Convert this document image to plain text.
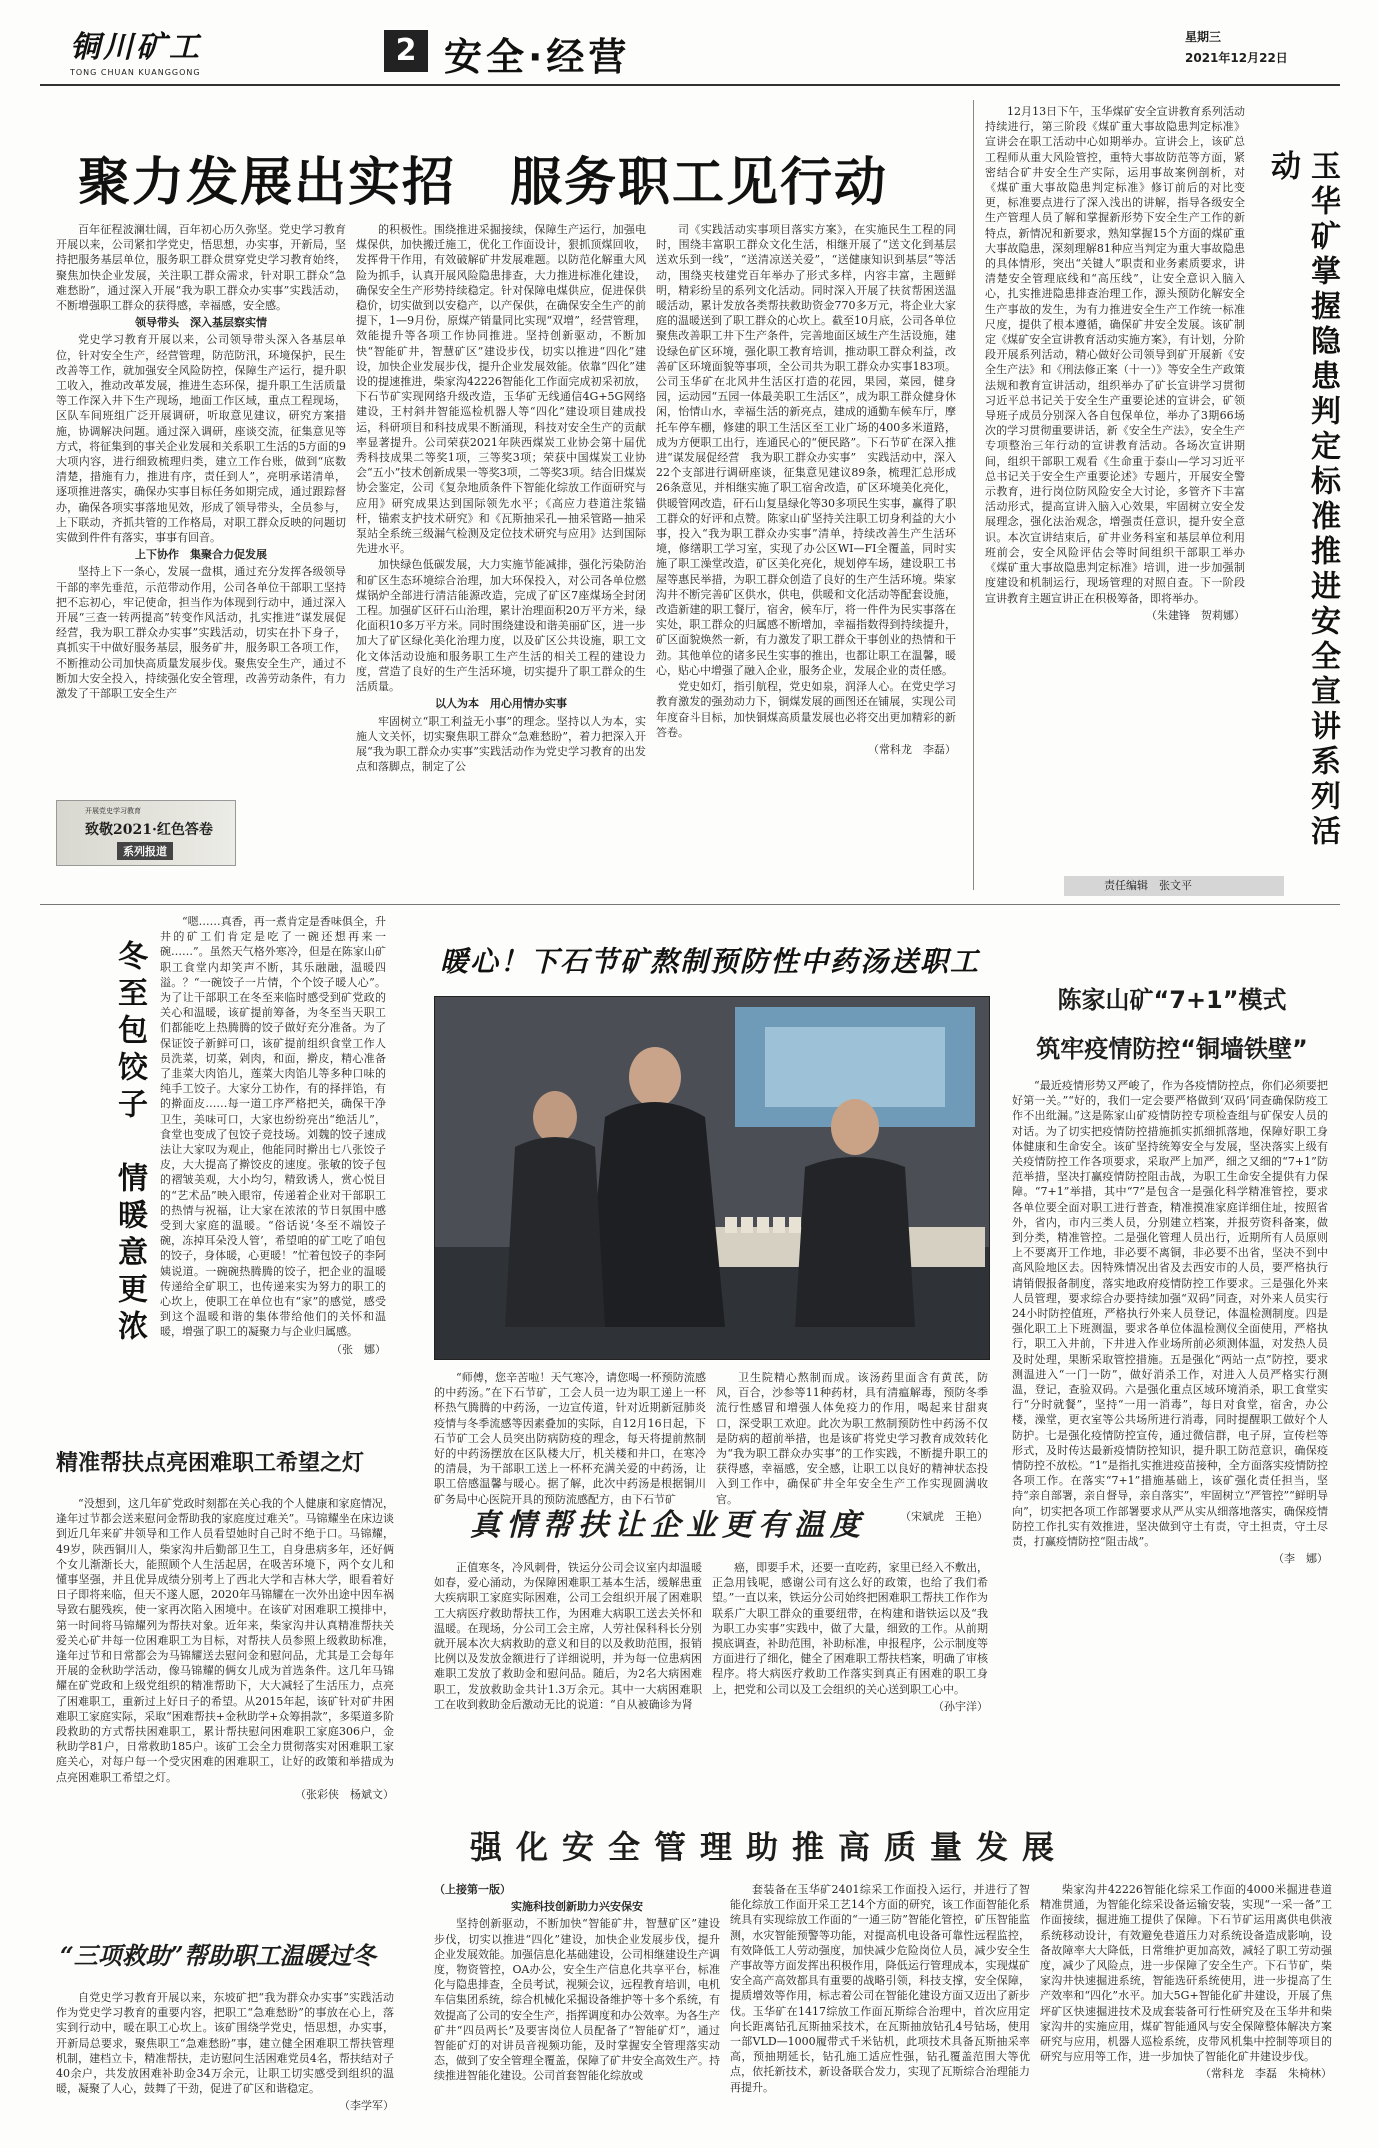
铜川矿工
TONG CHUAN KUANGGONG
2 安全·经营	星期三
2021年12月22日
聚力发展出实招　服务职工见行动

百年征程波澜壮阔，百年初心历久弥坚。党史学习教育开展以来，公司紧扣学党史，悟思想，办实事，开新局，坚持把服务基层单位，服务职工群众贯穿党史学习教育始终，聚焦加快企业发展，关注职工群众需求，针对职工群众“急难愁盼”，通过深入开展“我为职工群众办实事”实践活动，不断增强职工群众的获得感，幸福感，安全感。

领导带头　深入基层察实情

党史学习教育开展以来，公司领导带头深入各基层单位，针对安全生产，经营管理，防范防汛，环境保护，民生改善等工作，就加强安全风险防控，保障生产运行，提升职工收入，推动改革发展，推进生态环保，提升职工生活质量等工作深入井下生产现场，地面工作区域，重点工程现场，区队车间班组广泛开展调研，听取意见建议，研究方案措施，协调解决问题。通过深入调研，座谈交流，征集意见等方式，将征集到的事关企业发展和关系职工生活的5方面的9大项内容，进行细致梳理归类，建立工作台账，做到“底数清楚，措施有力，推进有序，责任到人”，亮明承诺清单，逐项推进落实，确保办实事目标任务如期完成，通过跟踪督办，确保各项实事落地见效，形成了领导带头，全员参与，上下联动，齐抓共管的工作格局，对职工群众反映的问题切实做到件件有落实，事事有回音。

上下协作　集聚合力促发展

坚持上下一条心，发展一盘棋，通过充分发挥各级领导干部的率先垂范，示范带动作用，公司各单位干部职工坚持把不忘初心，牢记使命，担当作为体现到行动中，通过深入开展“三查一转两提高”转变作风活动，扎实推进“谋发展促经营，我为职工群众办实事”实践活动，切实在扑下身子，真抓实干中做好服务基层，服务矿井，服务职工各项工作，不断推动公司加快高质量发展步伐。聚焦安全生产，通过不断加大安全投入，持续强化安全管理，改善劳动条件，有力激发了干部职工安全生产

开展党史学习教育
致敬2021·红色答卷
系列报道

的积极性。围绕推进采掘接续，保障生产运行，加强电煤保供，加快搬迁施工，优化工作面设计，狠抓顶煤回收，发挥骨干作用，有效破解矿井发展难题。以防范化解重大风险为抓手，认真开展风险隐患排查，大力推进标准化建设，确保安全生产形势持续稳定。针对保障电煤供应，促进保供稳价，切实做到以安稳产，以产保供，在确保安全生产的前提下，1—9月份，原煤产销量同比实现“双增”，经营管理，效能提升等各项工作协同推进。坚持创新驱动，不断加快“智能矿井，智慧矿区”建设步伐，切实以推进“四化”建设，加快企业发展步伐，提升企业发展效能。依靠“四化”建设的提速推进，柴家沟42226智能化工作面完成初采初放，下石节矿实现网络升级改造，玉华矿无线通信4G+5G网络建设，王村斜井智能巡检机器人等“四化”建设项目建成投运，科研项目和科技成果不断涌现，科技对安全生产的贡献率显著提升。公司荣获2021年陕西煤炭工业协会第十届优秀科技成果二等奖1项，三等奖3项；荣获中国煤炭工业协会“五小”技术创新成果一等奖3项，二等奖3项。结合旧煤炭协会鉴定，公司《复杂地质条件下智能化综放工作面研究与应用》研究成果达到国际领先水平；《高应力巷道注浆锚杆，锚索支护技术研究》和《瓦斯抽采孔—抽采管路—抽采泵站全系统三级漏气检测及定位技术研究与应用》达到国际先进水平。

加快绿色低碳发展，大力实施节能减排，强化污染防治和矿区生态环境综合治理，加大环保投入，对公司各单位燃煤锅炉全部进行清洁能源改造，完成了矿区7座煤场全封闭工程。加强矿区矸石山治理，累计治理面积20万平方米，绿化面积10多万平方米。同时围绕建设和谐美丽矿区，进一步加大了矿区绿化美化治理力度，以及矿区公共设施，职工文化文体活动设施和服务职工生产生活的相关工程的建设力度，营造了良好的生产生活环境，切实提升了职工群众的生活质量。

以人为本　用心用情办实事

牢固树立“职工利益无小事”的理念。坚持以人为本，实施人文关怀，切实聚焦职工群众“急难愁盼”，着力把深入开展“我为职工群众办实事”实践活动作为党史学习教育的出发点和落脚点，制定了公

司《实践活动实事项目落实方案》，在实施民生工程的同时，围绕丰富职工群众文化生活，相继开展了“送文化到基层　送欢乐到一线”，“送清凉送关爱”，“送健康知识到基层”等活动，围绕夹枝建党百年举办了形式多样，内容丰富，主题鲜明，精彩纷呈的系列文化活动。同时深入开展了扶贫帮困送温暖活动，累计发放各类帮扶救助资金770多万元，将企业大家庭的温暖送到了职工群众的心坎上。截至10月底，公司各单位聚焦改善职工井下生产条件，完善地面区域生产生活设施，建设绿色矿区环境，强化职工教育培训，推动职工群众利益，改善矿区环境面貌等事项，全公司共为职工群众办实事183项。公司玉华矿在北风井生活区打造的花园，果园，菜园，健身园，运动园“五园一体最美职工生活区”，成为职工群众健身休闲，怡情山水，幸福生活的新亮点，建成的通勤车候车厅，摩托车停车棚，修建的职工生活区至工业广场的400多米道路，成为方便职工出行，连通民心的“便民路”。下石节矿在深入推进“谋发展促经营　我为职工群众办实事”　实践活动中，深入22个支部进行调研座谈，征集意见建议89条，梳理汇总形成26条意见，并相继实施了职工宿舍改造，矿区环境美化亮化，供暖管网改造，矸石山复垦绿化等30多项民生实事，赢得了职工群众的好评和点赞。陈家山矿坚持关注职工切身利益的大小事，投入“我为职工群众办实事”清单，持续改善生产生活环境，修缮职工学习室，实现了办公区WI—FI全覆盖，同时实施了职工澡堂改造，矿区美化亮化，规划停车场，建设职工书屋等惠民举措，为职工群众创造了良好的生产生活环境。柴家沟井不断完善矿区供水，供电，供暖和文化活动等配套设施，改造新建的职工餐厅，宿舍，候车厅，将一件件为民实事落在实处，职工群众的归属感不断增加，幸福指数得到持续提升，矿区面貌焕然一新，有力激发了职工群众干事创业的热情和干劲。其他单位的诸多民生实事的推出，也都让职工在温馨，暖心，贴心中增强了融入企业，服务企业，发展企业的责任感。

党史如灯，指引航程，党史如泉，润泽人心。在党史学习教育激发的强劲动力下，铜煤发展的画图还在铺展，实现公司年度奋斗目标，加快铜煤高质量发展也必将交出更加精彩的新答卷。

（常科龙　李磊）

12月13日下午，玉华煤矿安全宣讲教育系列活动持续进行，第三阶段《煤矿重大事故隐患判定标准》宣讲会在职工活动中心如期举办。宣讲会上，该矿总工程师从重大风险管控，重特大事故防范等方面，紧密结合矿井安全生产实际，运用事故案例剖析，对《煤矿重大事故隐患判定标准》修订前后的对比变更，标准要点进行了深入浅出的讲解，指导各级安全生产管理人员了解和掌握新形势下安全生产工作的新特点，新情况和新要求，熟知掌握15个方面的煤矿重大事故隐患，深刻理解81种应当判定为重大事故隐患的具体情形，突出“关键人”职责和业务素质要求，讲清楚安全管理底线和“高压线”，让安全意识入脑入心，扎实推进隐患排查治理工作，源头预防化解安全生产事故的发生，为有力推进安全生产工作统一标准尺度，提供了根本遵循，确保矿井安全发展。该矿制定《煤矿安全宣讲教育活动实施方案》，有计划，分阶段开展系列活动，精心做好公司领导到矿开展新《安全生产法》和《刑法修正案（十一）》等安全生产政策法规和教育宣讲活动，组织举办了矿长宣讲学习贯彻习近平总书记关于安全生产重要论述的宣讲会，矿领导班子成员分别深入各自包保单位，举办了3期66场次的学习贯彻重要讲话，新《安全生产法》，安全生产专项整治三年行动的宣讲教育活动。各场次宣讲期间，组织干部职工观看《生命重于泰山—学习习近平总书记关于安全生产重要论述》专题片，开展安全警示教育，进行岗位防风险安全大讨论，多管齐下丰富活动形式，提高宣讲入脑入心效果，牢固树立安全发展理念，强化法治观念，增强责任意识，提升安全意识。本次宣讲结束后，矿井业务科室和基层单位利用班前会，安全风险评估会等时间组织干部职工举办《煤矿重大事故隐患判定标准》培训，进一步加强制度建设和机制运行，现场管理的对照自查。下一阶段宣讲教育主题宣讲正在积极筹备，即将举办。

（朱建锋　贺莉娜）	玉华矿掌握隐患判定标准推进安全宣讲系列活动
责任编辑　张文平
冬至包饺子　情暖意更浓

“嗯……真香，再一煮肯定是香味俱全，升井的矿工们肯定是吃了一碗还想再来一碗……”。虽然天气格外寒冷，但是在陈家山矿职工食堂内却笑声不断，其乐融融，温暖四溢。？“一碗饺子一片情，个个饺子暖人心”。为了让干部职工在冬至来临时感受到矿党政的关心和温暖，该矿提前筹备，为冬至当天职工们都能吃上热腾腾的饺子做好充分准备。为了保证饺子新鲜可口，该矿提前组织食堂工作人员洗菜，切菜，剁肉，和面，擀皮，精心准备了韭菜大肉馅儿，莲菜大肉馅儿等多种口味的纯手工饺子。大家分工协作，有的择拌馅，有的擀面皮……每一道工序严格把关，确保干净卫生，美味可口，大家也纷纷亮出“绝活儿”，食堂也变成了包饺子竞技场。刘魏的饺子速成法让大家叹为观止，他能同时擀出七八张饺子皮，大大提高了擀饺皮的速度。张敏的饺子包的褶皱美观，大小均匀，精致诱人，赏心悦目的“艺术品”映入眼帘，传递着企业对干部职工的热情与祝福，让大家在浓浓的节日氛围中感受到大家庭的温暖。“俗话说‘冬至不端饺子碗，冻掉耳朵没人管’，希望咱的矿工吃了咱包的饺子，身体暖，心更暖！”忙着包饺子的李阿姨说道。一碗碗热腾腾的饺子，把企业的温暖传递给全矿职工，也传递来实为努力的职工的心坎上，使职工在单位也有“家”的感觉，感受到这个温暖和谐的集体带给他们的关怀和温暖，增强了职工的凝聚力与企业归属感。

（张　娜）
暖心！下石节矿熬制预防性中药汤送职工

“师傅，您辛苦啦！天气寒冷，请您喝一杯预防流感的中药汤。”在下石节矿，工会人员一边为职工递上一杯杯热气腾腾的中药汤，一边宣传道，针对近期新冠肺炎疫情与冬季流感等因素叠加的实际，自12月16日起，下石节矿工会人员突出防病防疫的理念，每天将提前熬制好的中药汤摆放在区队楼大厅，机关楼和井口，在寒冷的清晨，为干部职工送上一杯杯充满关爱的中药汤，让职工倍感温馨与暖心。据了解，此次中药汤是根据铜川矿务局中心医院开具的预防流感配方，由下石节矿

卫生院精心熬制而成。该汤药里面含有黄芪，防风，百合，沙参等11种药材，具有清瘟解毒，预防冬季流行性感冒和增强人体免疫力的作用，喝起来甘甜爽口，深受职工欢迎。此次为职工熬制预防性中药汤不仅是防病的超前举措，也是该矿将党史学习教育成效转化为“我为职工群众办实事”的工作实践，不断提升职工的获得感，幸福感，安全感，让职工以良好的精神状态投入到工作中，确保矿井全年安全生产工作实现圆满收官。

（宋斌虎　王艳）
陈家山矿“7+1”模式
筑牢疫情防控“铜墙铁壁”

“最近疫情形势又严峻了，作为各疫情防控点，你们必须要把好第一关。”“好的，我们一定会要严格做到‘双码’同查确保防疫工作不出纰漏。”这是陈家山矿疫情防控专项检查组与矿保安人员的对话。为了切实把疫情防控措施抓实抓细抓落地，保障好职工身体健康和生命安全。该矿坚持统筹安全与发展，坚决落实上级有关疫情防控工作各项要求，采取严上加严，细之又细的“7+1”防范举措，坚决打赢疫情防控阻击战，为职工生命安全提供有力保障。“7+1”举措，其中“7”是包含一是强化科学精准管控，要求各单位要全面对职工进行普查，精准摸准家庭详细住址，按照省外，省内，市内三类人员，分别建立档案，并报劳资科备案，做到分类，精准管控。二是强化管理人员出行，近期所有人员原则上不要离开工作地，非必要不离铜，非必要不出省，坚决不到中高风险地区去。因特殊情况出省及去西安市的人员，要严格执行请销假报备制度，落实地政府疫情防控工作要求。三是强化外来人员管理，要求综合办要持续加强“双码”同查，对外来人员实行24小时防控值班，严格执行外来人员登记，体温检测制度。四是强化职工上下班测温，要求各单位体温检测仪全面使用，严格执行，职工入井前，下井进入作业场所前必须测体温，对发热人员及时处理，果断采取管控措施。五是强化“两站一点”防控，要求测温进入“一门一防”，做好消杀工作，对进入人员严格实行测温，登记，查验双码。六是强化重点区域环境消杀，职工食堂实行“分时就餐”，坚持“一用一消毒”，每日对食堂，宿舍，办公楼，澡堂，更衣室等公共场所进行消毒，同时提醒职工做好个人防护。七是强化疫情防控宣传，通过微信群，电子屏，宣传栏等形式，及时传达最新疫情防控知识，提升职工防范意识，确保疫情防控不放松。“1”是指扎实推进疫苗接种，全方面落实疫情防控各项工作。在落实“7+1”措施基础上，该矿强化责任担当，坚持“亲自部署，亲自督导，亲自落实”，牢固树立“严管控”“鲜明导向”，切实把各项工作部署要求从严从实从细落地落实，确保疫情防控工作扎实有效推进，坚决做到守土有责，守土担责，守土尽责，打赢疫情防控“阻击战”。

（李　娜）
精准帮扶点亮困难职工希望之灯

“没想到，这几年矿党政时刻都在关心我的个人健康和家庭情况，逢年过节都会送来慰问金帮助我的家庭度过难关”。马锦耀坐在床边谈到近几年来矿井领导和工作人员看望她时自己时不绝于口。马锦耀，49岁，陕西铜川人，柴家沟井后勤部卫生工，自身患病多年，还好俩个女儿渐渐长大，能照顾个人生活起居，在吸苦环境下，两个女儿和懂事坚强，并且优异成绩分别考上了西北大学和吉林大学，眼看着好日子即将来临，但天不遂人愿，2020年马锦耀在一次外出途中因车祸导致右腿残疾，使一家再次陷入困境中。在该矿对困难职工摸排中，第一时间将马锦耀列为帮扶对象。近年来，柴家沟井认真精准帮扶关爱关心矿井每一位困难职工为目标，对帮扶人员参照上级救助标准，逢年过节和日常都会为马锦耀送去慰问金和慰问品，尤其是工会每年开展的金秋助学活动，像马锦耀的俩女儿成为首选条件。这几年马锦耀在矿党政和上级党组织的精准帮助下，大大减轻了生活压力，点亮了困难职工，重新过上好日子的希望。从2015年起，该矿针对矿井困难职工家庭实际，采取“困难帮扶+金秋助学+众筹捐款”，多渠道多阶段救助的方式帮扶困难职工，累计帮扶慰问困难职工家庭306户，金秋助学81户，日常救助185户。该矿工会全力贯彻落实对困难职工家庭关心，对每户每一个受灾困难的困难职工，让好的政策和举措成为点亮困难职工希望之灯。

（张彩侠　杨斌文）
真情帮扶让企业更有温度

正值寒冬，冷风刺骨，铁运分公司会议室内却温暖如春，爱心涌动，为保障困难职工基本生活，缓解患重大疾病职工家庭实际困难，公司工会组织开展了困难职工大病医疗救助帮扶工作，为困难大病职工送去关怀和温暖。在现场，分公司工会主席，人劳社保科科长分别就开展本次大病救助的意义和目的以及救助范围，报销比例以及发放金额进行了详细说明，并为每一位患病困难职工发放了救助金和慰问品。随后，为2名大病困难职工，发放救助金共计1.3万余元。其中一大病困难职工在收到救助金后激动无比的说道：“自从被确诊为肾

癌，即要手术，还要一直吃药，家里已经入不敷出，正急用钱呢，感谢公司有这么好的政策，也给了我们希望。”一直以来，铁运分公司始终把困难职工帮扶工作作为联系广大职工群众的重要纽带，在构建和谐铁运以及“我为职工办实事”实践中，做了大量，细致的工作。从前期摸底调查，补助范围，补助标准，申报程序，公示制度等方面进行了细化，健全了困难职工帮扶档案，明确了审核程序。将大病医疗救助工作落实到真正有困难的职工身上，把党和公司以及工会组织的关心送到职工心中。

（孙宇洋）
“三项救助”帮助职工温暖过冬

自党史学习教育开展以来，东坡矿把“我为群众办实事”实践活动作为党史学习教育的重要内容，把职工“急难愁盼”的事放在心上，落实到行动中，暖在职工心坎上。该矿围绕学党史，悟思想，办实事，开新局总要求，聚焦职工“急难愁盼”事，建立健全困难职工帮扶管理机制，建档立卡，精准帮扶，走访慰问生活困难党员4名，帮扶结对子40余户，共发放困难补助金34万余元，让职工切实感受到组织的温暖，凝聚了人心，鼓舞了干劲，促进了矿区和谐稳定。

（李学军）
强化安全管理助推高质量发展
（上接第一版）
实施科技创新助力兴安保安

坚持创新驱动，不断加快“智能矿井，智慧矿区”建设步伐，切实以推进“四化”建设，加快企业发展步伐，提升企业发展效能。加强信息化基础建设，公司相继建设生产调度，物资管控，OA办公，安全生产信息化共享平台，标准化与隐患排查，全员考试，视频会议，远程教育培训，电机车信集团系统，综合机械化采掘设备维护等十多个系统，有效提高了公司的安全生产，指挥调度和办公效率。为各生产矿井“四员两长”及要害岗位人员配备了“智能矿灯”，通过智能矿灯的对讲员音视频功能，及时掌握安全管理落实动态，做到了安全管理全覆盖，保障了矿井安全高效生产。持续推进智能化建设。公司首套智能化综放或

套装备在玉华矿2401综采工作面投入运行，并进行了智能化综放工作面开采工艺14个方面的研究，该工作面智能化系统具有实现综放工作面的“一通三防”智能化管控，矿压智能监测，水灾智能预警等功能，对提高机电设备可靠性远程监控，有效降低工人劳动强度，加快减少危险岗位人员，减少安全生产事故等方面发挥出积极作用，降低运行管理成本，实现煤矿安全高产高效都具有重要的战略引领，科技支撑，安全保障，提质增效等作用，标志着公司在智能化建设方面又迈出了新步伐。玉华矿在1417综放工作面瓦斯综合治理中，首次应用定向长距离钻孔瓦斯抽采技术，在瓦斯抽放钻孔4号钻场，使用一部VLD—1000履带式千米钻机，此项技术具备瓦斯抽采率高，预抽期延长，钻孔施工适应性强，钻孔覆盖范围大等优点，依托新技术，新设备联合发力，实现了瓦斯综合治理能力再提升。

柴家沟井42226智能化综采工作面的4000米掘进巷道精准贯通，为智能化综采设备运输安装，实现“一采一备”工作面接续，掘进施工提供了保障。下石节矿运用离供电供液系统移动设计，有效避免巷道压力对系统设备造成影响，设备故障率大大降低，日常维护更加高效，减轻了职工劳动强度，减少了风险点，进一步保障了安全生产。下石节矿，柴家沟井快速掘进系统，智能选矸系统使用，进一步提高了生产效率和“四化”水平。加大5G+智能化矿井建设，开展了焦坪矿区快速掘进技术及成套装备可行性研究及在玉华井和柴家沟井的实施应用，煤矿智能通风与安全保障整体解决方案研究与应用，机器人巡检系统，皮带风机集中控制等项目的研究与应用等工作，进一步加快了智能化矿井建设步伐。

（常科龙　李磊　朱椅林）
